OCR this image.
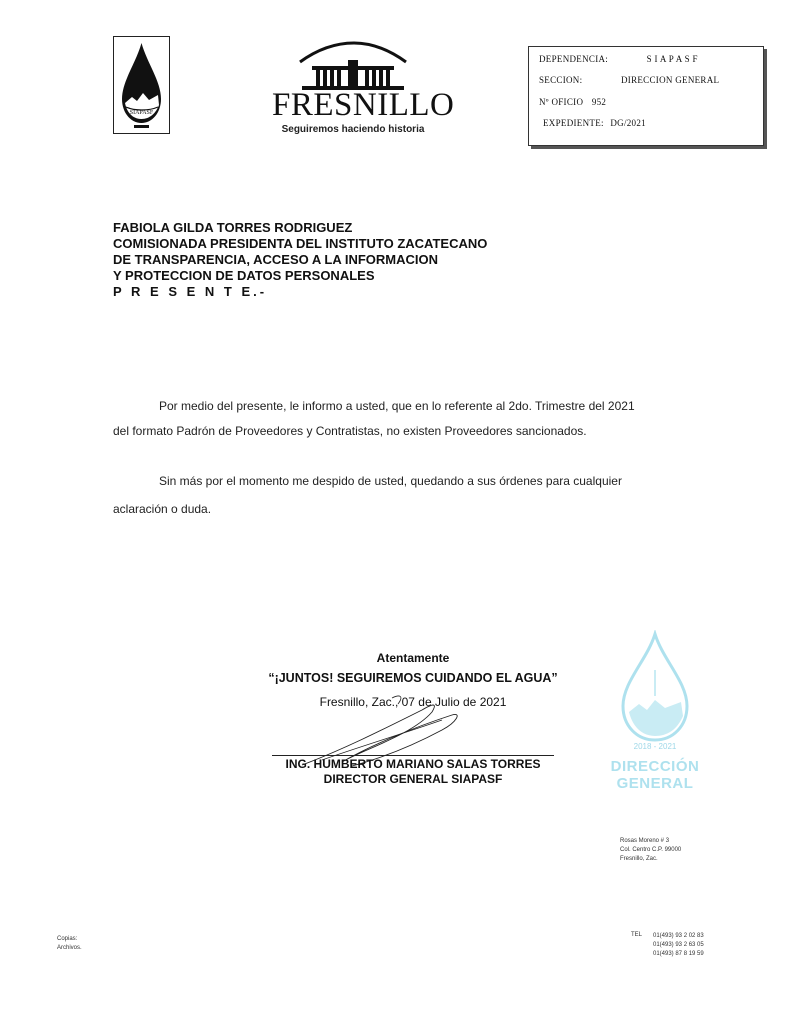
SIAPASF	FRESNILLO
Seguiremos haciendo historia
DEPENDENCIA:	S I A P A S F
SECCION:	DIRECCION GENERAL
Nº OFICIO 952
EXPEDIENTE: DG/2021
FABIOLA GILDA TORRES RODRIGUEZ
COMISIONADA PRESIDENTA DEL INSTITUTO ZACATECANO
DE TRANSPARENCIA, ACCESO A LA INFORMACION
Y PROTECCION DE DATOS PERSONALES
P R E S E N T E.-
Por medio del presente, le informo a usted, que en lo referente al 2do. Trimestre del 2021
del formato Padrón de Proveedores y Contratistas, no existen Proveedores sancionados.
Sin más por el momento me despido de usted, quedando a sus órdenes para cualquier
aclaración o duda.
Atentamente
“¡JUNTOS! SEGUIREMOS CUIDANDO EL AGUA”
Fresnillo, Zac., 07 de Julio de 2021
ING. HUMBERTO MARIANO SALAS TORRES
DIRECTOR GENERAL SIAPASF
2018 - 2021
DIRECCIÓN GENERAL
Rosas Moreno # 3
Col. Centro C.P. 99000
Fresnillo, Zac.
Copias:
Archivos.
TEL 01(493) 93 2 02 83
01(493) 93 2 63 05
01(493) 87 8 19 59
